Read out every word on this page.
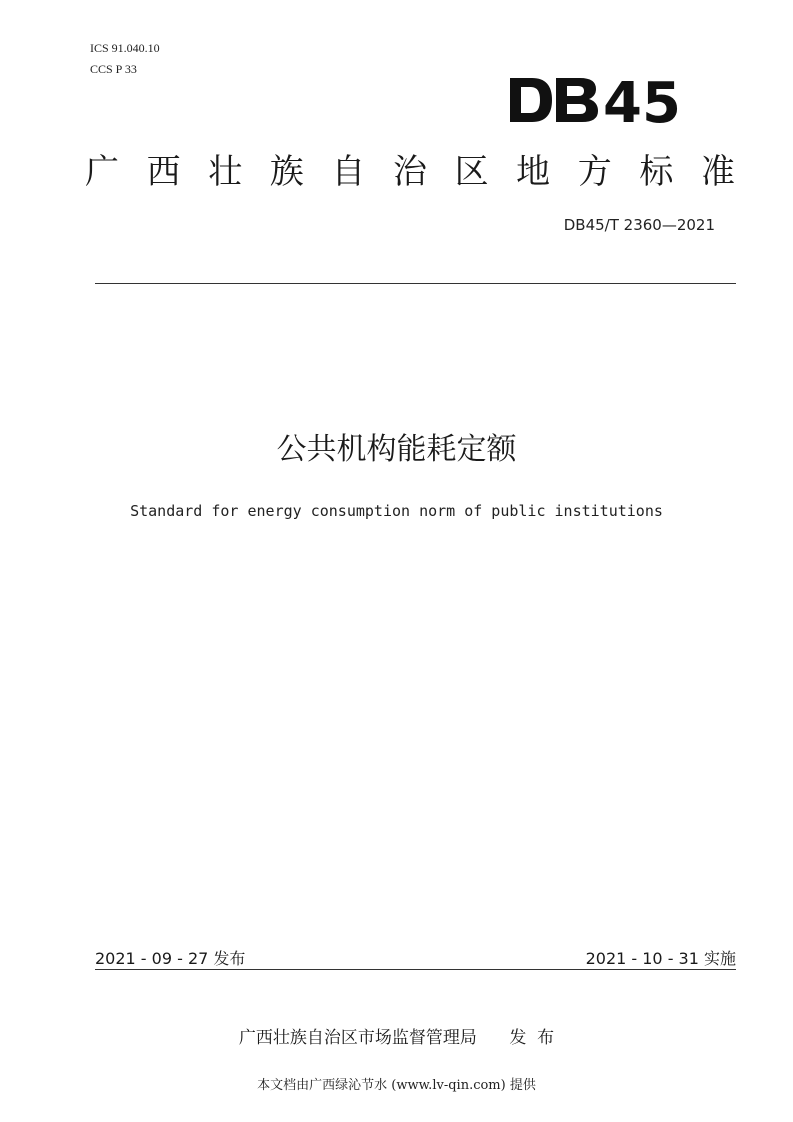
ICS 91.040.10
CCS P 33
45
广 西 壮 族 自 治 区 地 方 标 准
DB45/T 2360—2021
公共机构能耗定额
Standard for energy consumption norm of public institutions
2021 - 09 - 27 发布	2021 - 10 - 31 实施
广西壮族自治区市场监督管理局 发  布
本文档由广西绿沁节水 (www.lv-qin.com) 提供
